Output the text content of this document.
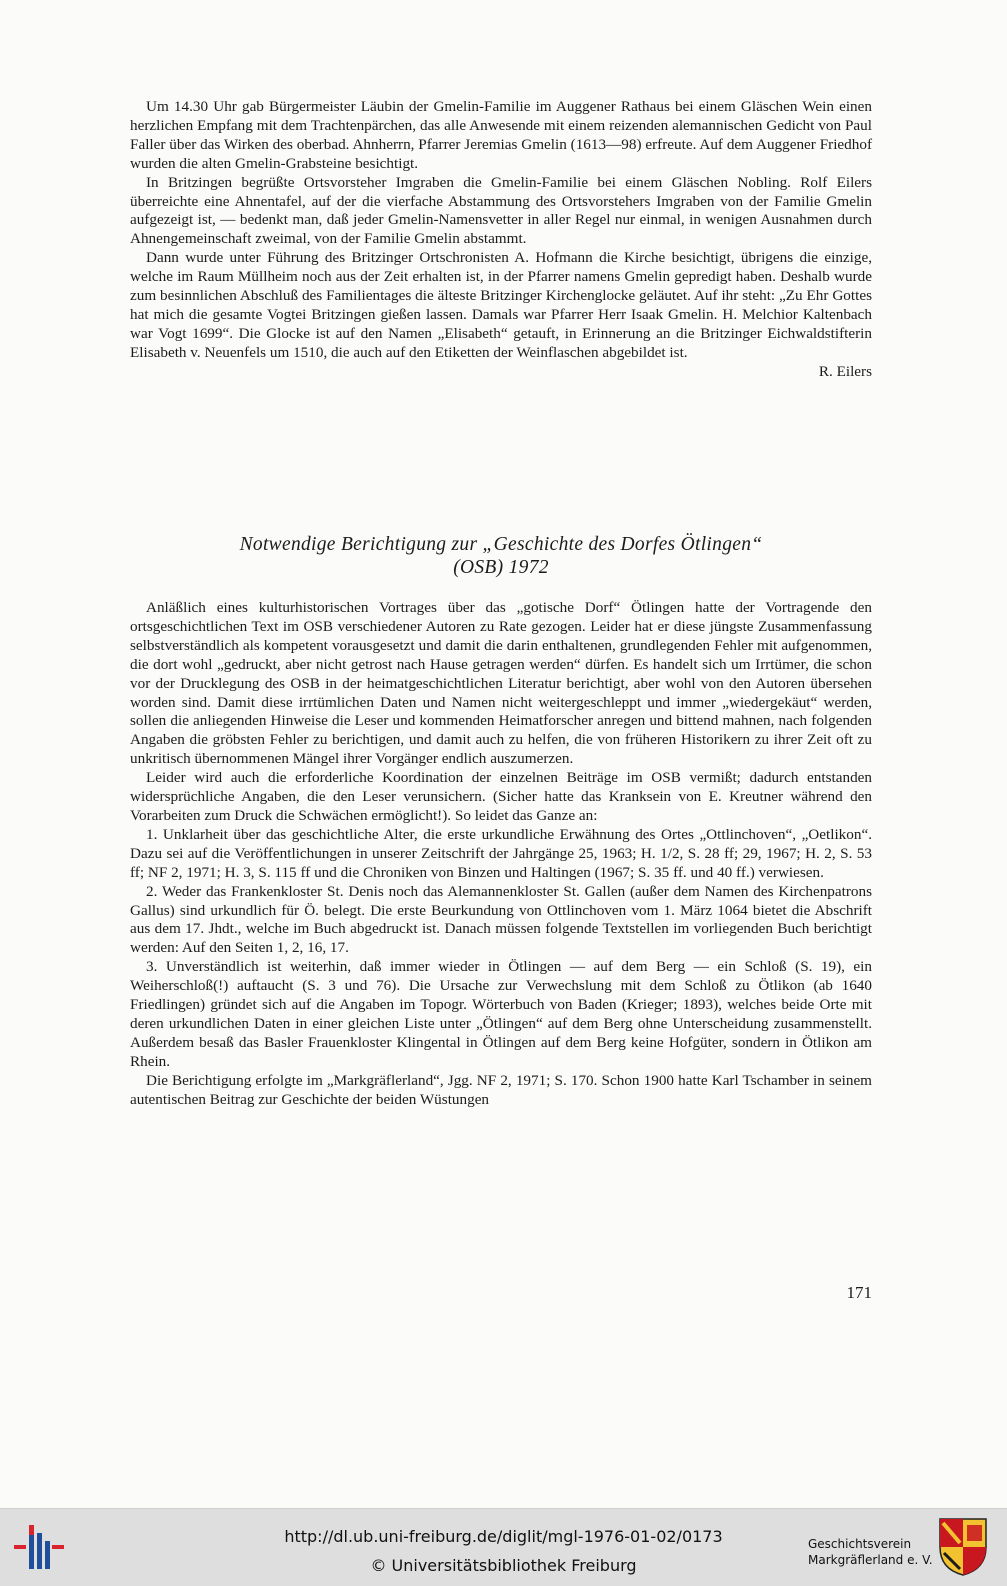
Um 14.30 Uhr gab Bürgermeister Läubin der Gmelin-Familie im Auggener Rathaus bei einem Gläschen Wein einen herzlichen Empfang mit dem Trachtenpärchen, das alle Anwesende mit einem reizenden alemannischen Gedicht von Paul Faller über das Wirken des oberbad. Ahnherrn, Pfarrer Jeremias Gmelin (1613—98) erfreute. Auf dem Auggener Friedhof wurden die alten Gmelin-Grabsteine besichtigt.

In Britzingen begrüßte Ortsvorsteher Imgraben die Gmelin-Familie bei einem Gläschen Nobling. Rolf Eilers überreichte eine Ahnentafel, auf der die vierfache Abstammung des Ortsvorstehers Imgraben von der Familie Gmelin aufgezeigt ist, — bedenkt man, daß jeder Gmelin-Namensvetter in aller Regel nur einmal, in wenigen Ausnahmen durch Ahnengemeinschaft zweimal, von der Familie Gmelin abstammt.

Dann wurde unter Führung des Britzinger Ortschronisten A. Hofmann die Kirche besichtigt, übrigens die einzige, welche im Raum Müllheim noch aus der Zeit erhalten ist, in der Pfarrer namens Gmelin gepredigt haben. Deshalb wurde zum besinnlichen Abschluß des Familientages die älteste Britzinger Kirchenglocke geläutet. Auf ihr steht: „Zu Ehr Gottes hat mich die gesamte Vogtei Britzingen gießen lassen. Damals war Pfarrer Herr Isaak Gmelin. H. Melchior Kaltenbach war Vogt 1699“. Die Glocke ist auf den Namen „Elisabeth“ getauft, in Erinnerung an die Britzinger Eichwaldstifterin Elisabeth v. Neuenfels um 1510, die auch auf den Etiketten der Weinflaschen abgebildet ist.

R. Eilers
Notwendige Berichtigung zur „Geschichte des Dorfes Ötlingen“
(OSB) 1972

Anläßlich eines kulturhistorischen Vortrages über das „gotische Dorf“ Ötlingen hatte der Vortragende den ortsgeschichtlichen Text im OSB verschiedener Autoren zu Rate gezogen. Leider hat er diese jüngste Zusammenfassung selbstverständlich als kompetent vorausgesetzt und damit die darin enthaltenen, grundlegenden Fehler mit aufgenommen, die dort wohl „gedruckt, aber nicht getrost nach Hause getragen werden“ dürfen. Es handelt sich um Irrtümer, die schon vor der Drucklegung des OSB in der heimatgeschichtlichen Literatur berichtigt, aber wohl von den Autoren übersehen worden sind. Damit diese irrtümlichen Daten und Namen nicht weitergeschleppt und immer „wiedergekäut“ werden, sollen die anliegenden Hinweise die Leser und kommenden Heimatforscher anregen und bittend mahnen, nach folgenden Angaben die gröbsten Fehler zu berichtigen, und damit auch zu helfen, die von früheren Historikern zu ihrer Zeit oft zu unkritisch übernommenen Mängel ihrer Vorgänger endlich auszumerzen.

Leider wird auch die erforderliche Koordination der einzelnen Beiträge im OSB vermißt; dadurch entstanden widersprüchliche Angaben, die den Leser verunsichern. (Sicher hatte das Kranksein von E. Kreutner während den Vorarbeiten zum Druck die Schwächen ermöglicht!). So leidet das Ganze an:

1. Unklarheit über das geschichtliche Alter, die erste urkundliche Erwähnung des Ortes „Ottlinchoven“, „Oetlikon“. Dazu sei auf die Veröffentlichungen in unserer Zeitschrift der Jahrgänge 25, 1963; H. 1/2, S. 28 ff; 29, 1967; H. 2, S. 53 ff; NF 2, 1971; H. 3, S. 115 ff und die Chroniken von Binzen und Haltingen (1967; S. 35 ff. und 40 ff.) verwiesen.

2. Weder das Frankenkloster St. Denis noch das Alemannenkloster St. Gallen (außer dem Namen des Kirchenpatrons Gallus) sind urkundlich für Ö. belegt. Die erste Beurkundung von Ottlinchoven vom 1. März 1064 bietet die Abschrift aus dem 17. Jhdt., welche im Buch abgedruckt ist. Danach müssen folgende Textstellen im vorliegenden Buch berichtigt werden: Auf den Seiten 1, 2, 16, 17.

3. Unverständlich ist weiterhin, daß immer wieder in Ötlingen — auf dem Berg — ein Schloß (S. 19), ein Weiherschloß(!) auftaucht (S. 3 und 76). Die Ursache zur Verwechslung mit dem Schloß zu Ötlikon (ab 1640 Friedlingen) gründet sich auf die Angaben im Topogr. Wörterbuch von Baden (Krieger; 1893), welches beide Orte mit deren urkundlichen Daten in einer gleichen Liste unter „Ötlingen“ auf dem Berg ohne Unterscheidung zusammenstellt. Außerdem besaß das Basler Frauenkloster Klingental in Ötlingen auf dem Berg keine Hofgüter, sondern in Ötlikon am Rhein.

Die Berichtigung erfolgte im „Markgräflerland“, Jgg. NF 2, 1971; S. 170. Schon 1900 hatte Karl Tschamber in seinem autentischen Beitrag zur Geschichte der beiden Wüstungen

171
http://dl.ub.uni-freiburg.de/diglit/mgl-1976-01-02/0173
© Universitätsbibliothek Freiburg
Geschichtsverein
Markgräflerland e. V.
